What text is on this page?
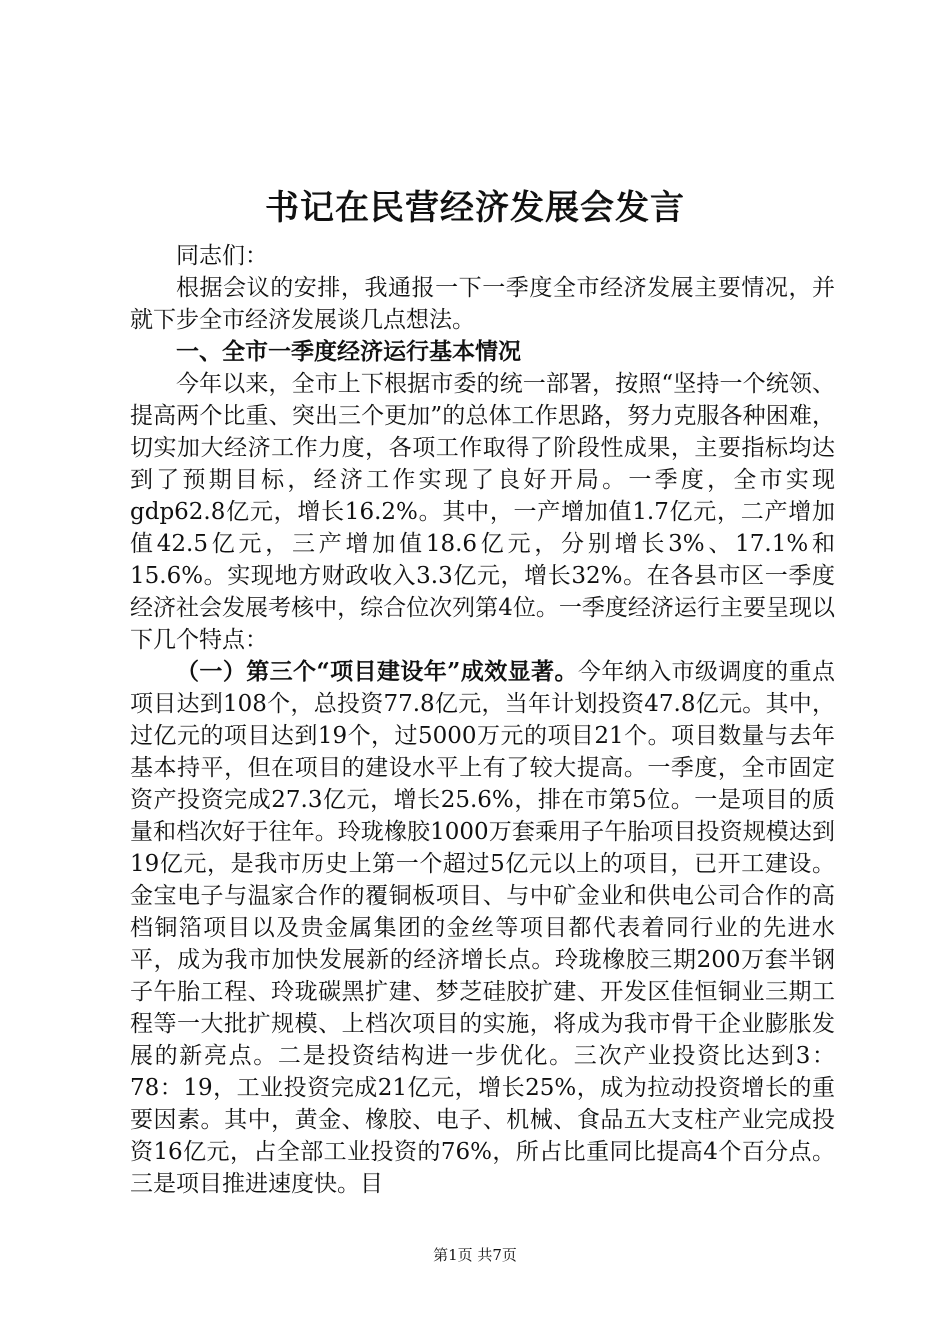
书记在民营经济发展会发言

同志们：

根据会议的安排，我通报一下一季度全市经济发展主要情况，并就下步全市经济发展谈几点想法。

一、全市一季度经济运行基本情况

今年以来，全市上下根据市委的统一部署，按照“坚持一个统领、提高两个比重、突出三个更加”的总体工作思路，努力克服各种困难，切实加大经济工作力度，各项工作取得了阶段性成果，主要指标均达到了预期目标，经济工作实现了良好开局。一季度，全市实现gdp62.8亿元，增长16.2%。其中，一产增加值1.7亿元，二产增加值42.5亿元，三产增加值18.6亿元，分别增长3%、17.1%和15.6%。实现地方财政收入3.3亿元，增长32%。在各县市区一季度经济社会发展考核中，综合位次列第4位。一季度经济运行主要呈现以下几个特点：

（一）第三个“项目建设年”成效显著。今年纳入市级调度的重点项目达到108个，总投资77.8亿元，当年计划投资47.8亿元。其中，过亿元的项目达到19个，过5000万元的项目21个。项目数量与去年基本持平，但在项目的建设水平上有了较大提高。一季度，全市固定资产投资完成27.3亿元，增长25.6%，排在市第5位。一是项目的质量和档次好于往年。玲珑橡胶1000万套乘用子午胎项目投资规模达到19亿元，是我市历史上第一个超过5亿元以上的项目，已开工建设。金宝电子与温家合作的覆铜板项目、与中矿金业和供电公司合作的高档铜箔项目以及贵金属集团的金丝等项目都代表着同行业的先进水平，成为我市加快发展新的经济增长点。玲珑橡胶三期200万套半钢子午胎工程、玲珑碳黑扩建、梦芝硅胶扩建、开发区佳恒铜业三期工程等一大批扩规模、上档次项目的实施，将成为我市骨干企业膨胀发展的新亮点。二是投资结构进一步优化。三次产业投资比达到3：78：19，工业投资完成21亿元，增长25%，成为拉动投资增长的重要因素。其中，黄金、橡胶、电子、机械、食品五大支柱产业完成投资16亿元，占全部工业投资的76%，所占比重同比提高4个百分点。三是项目推进速度快。目

第1页 共7页
